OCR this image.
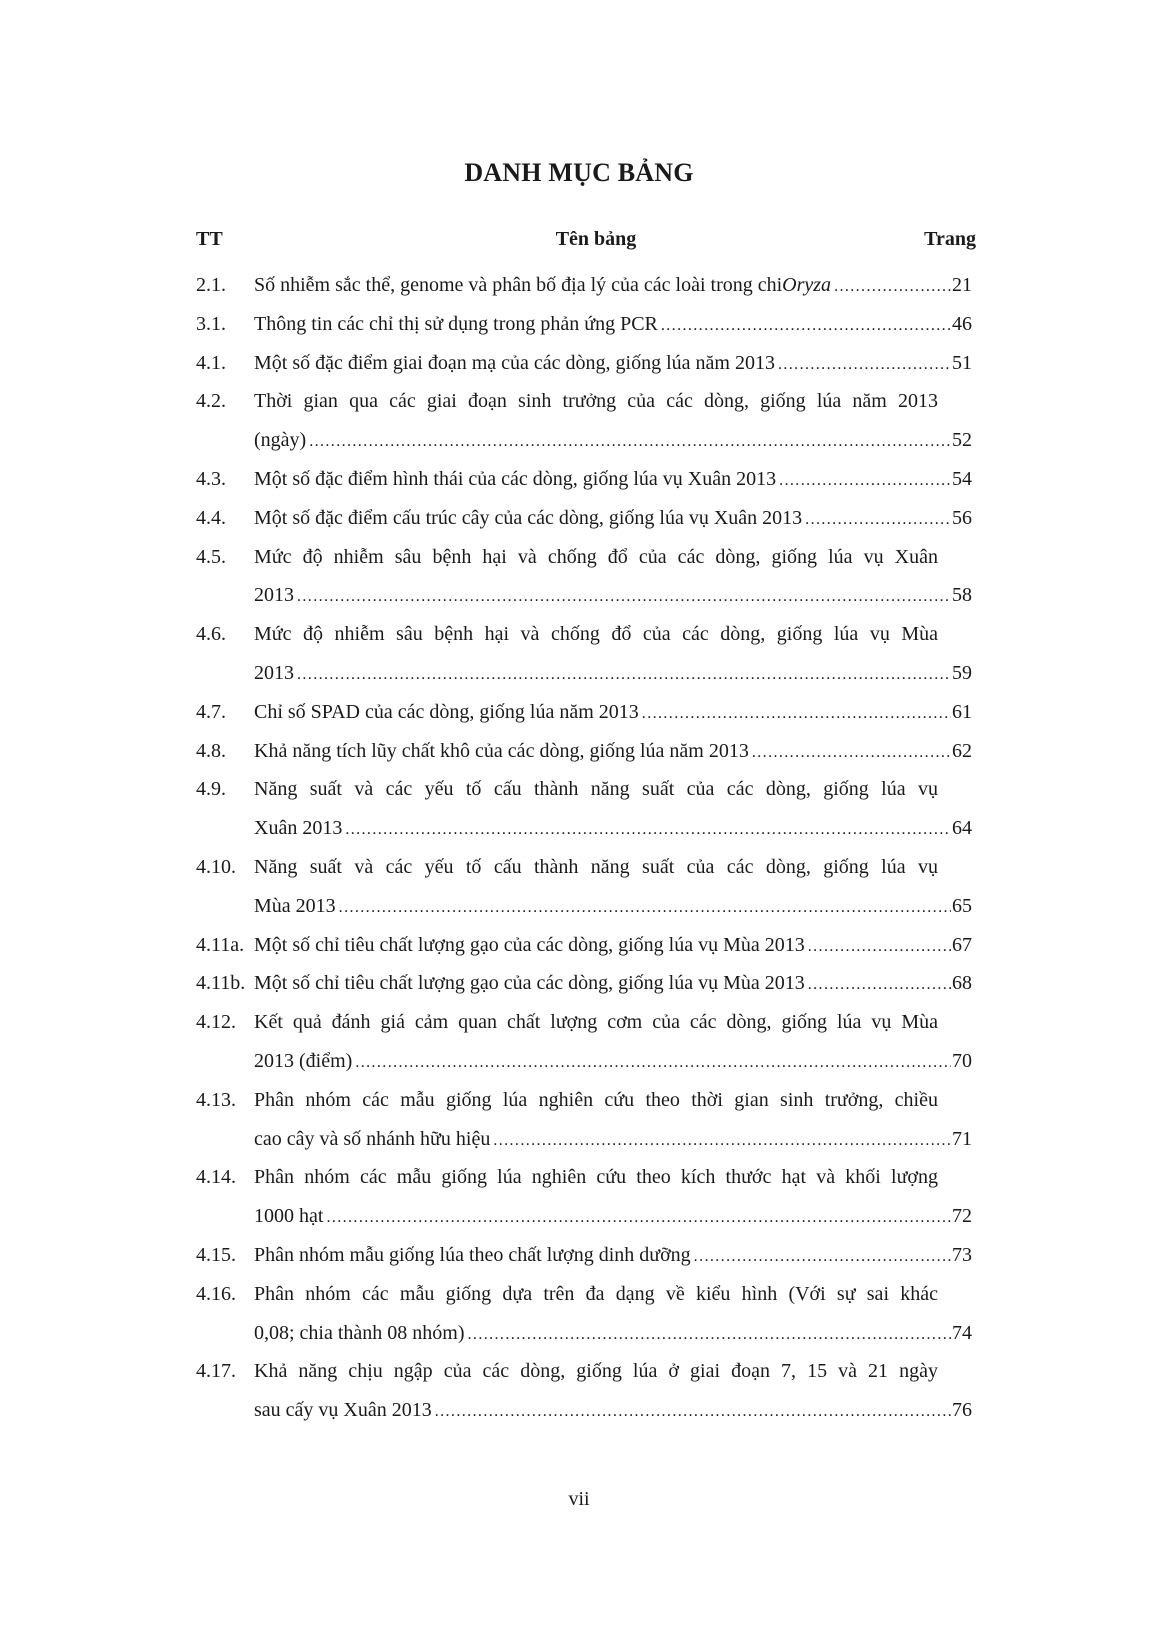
DANH MỤC BẢNG
TT	Tên bảng	Trang
2.1.	Số nhiễm sắc thể, genome và phân bố địa lý của các loài trong chi Oryza .....	21
3.1.	Thông tin các chỉ thị sử dụng trong phản ứng PCR .....	46
4.1.	Một số đặc điểm giai đoạn mạ của các dòng, giống lúa năm 2013 .....	51
4.2.	Thời gian qua các giai đoạn sinh trưởng của các dòng, giống lúa năm 2013
(ngày) .....	52
4.3.	Một số đặc điểm hình thái của các dòng, giống lúa vụ Xuân 2013 .....	54
4.4.	Một số đặc điểm cấu trúc cây của các dòng, giống lúa vụ Xuân 2013 .....	56
4.5.	Mức độ nhiễm sâu bệnh hại và chống đổ của các dòng, giống lúa vụ Xuân
2013 .....	58
4.6.	Mức độ nhiễm sâu bệnh hại và chống đổ của các dòng, giống lúa vụ Mùa
2013 .....	59
4.7.	Chỉ số SPAD của các dòng, giống lúa năm 2013 .....	61
4.8.	Khả năng tích lũy chất khô của các dòng, giống lúa năm 2013 .....	62
4.9.	Năng suất và các yếu tố cấu thành năng suất của các dòng, giống lúa vụ
Xuân 2013 .....	64
4.10. Năng suất và các yếu tố cấu thành năng suất của các dòng, giống lúa vụ
Mùa 2013 .....	65
4.11a. Một số chỉ tiêu chất lượng gạo của các dòng, giống lúa vụ Mùa 2013 .....	67
4.11b. Một số chỉ tiêu chất lượng gạo của các dòng, giống lúa vụ Mùa 2013 .....	68
4.12. Kết quả đánh giá cảm quan chất lượng cơm của các dòng, giống lúa vụ Mùa
2013 (điểm) .....	70
4.13. Phân nhóm các mẫu giống lúa nghiên cứu theo thời gian sinh trưởng, chiều
cao cây và số nhánh hữu hiệu .....	71
4.14. Phân nhóm các mẫu giống lúa nghiên cứu theo kích thước hạt và khối lượng
1000 hạt .....	72
4.15. Phân nhóm mẫu giống lúa theo chất lượng dinh dưỡng .....	73
4.16. Phân nhóm các mẫu giống dựa trên đa dạng về kiểu hình (Với sự sai khác
0,08; chia thành 08 nhóm) .....	74
4.17. Khả năng chịu ngập của các dòng, giống lúa ở giai đoạn 7, 15 và 21 ngày
sau cấy vụ Xuân 2013 .....	76
vii
